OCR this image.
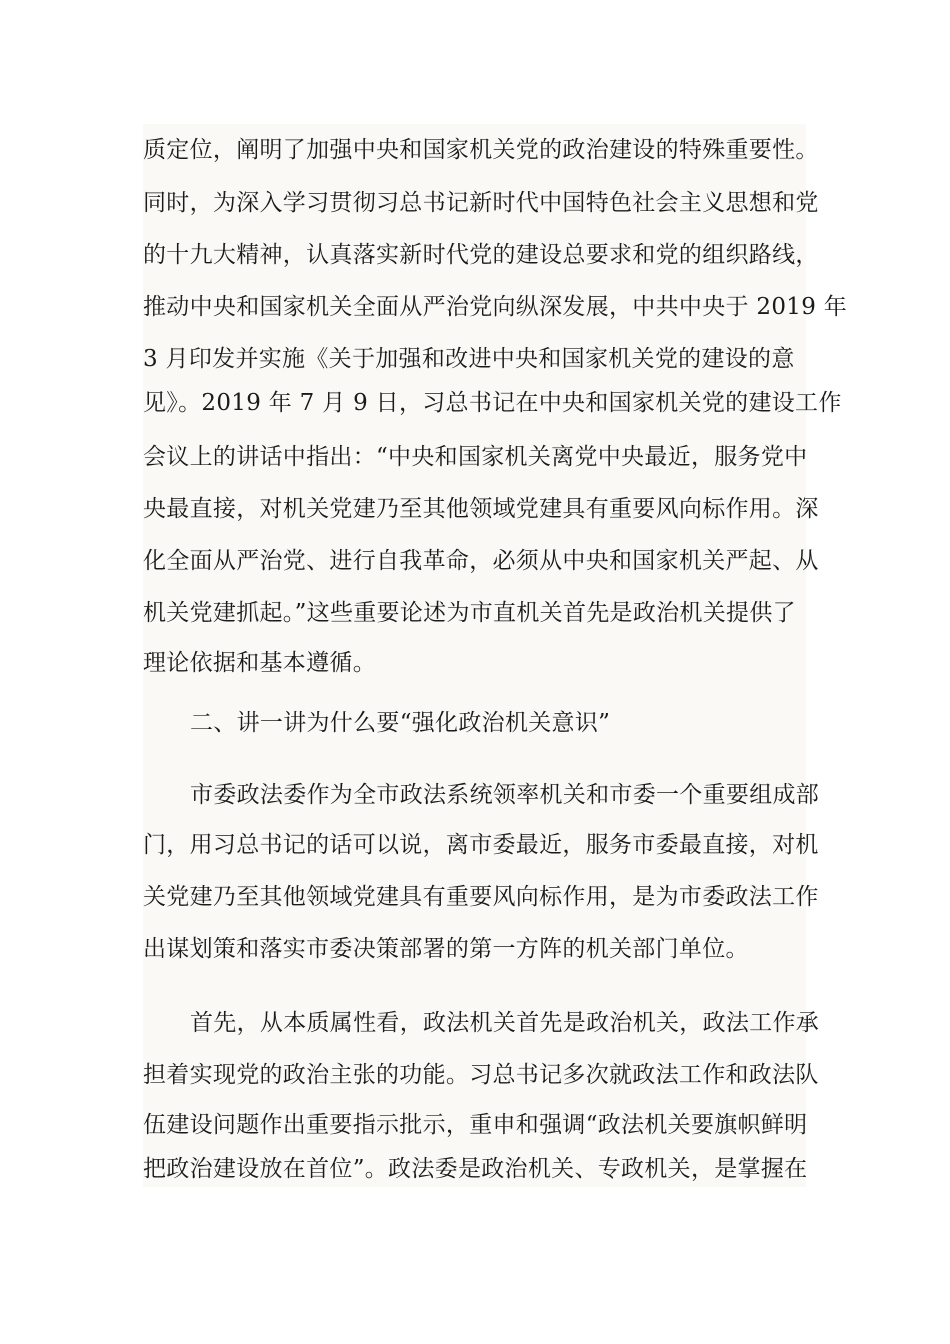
质定位，阐明了加强中央和国家机关党的政治建设的特殊重要性。
同时，为深入学习贯彻习总书记新时代中国特色社会主义思想和党
的十九大精神，认真落实新时代党的建设总要求和党的组织路线，
推动中央和国家机关全面从严治党向纵深发展，中共中央于 2019 年
3 月印发并实施《关于加强和改进中央和国家机关党的建设的意
见》。2019 年 7 月 9 日，习总书记在中央和国家机关党的建设工作
会议上的讲话中指出：“中央和国家机关离党中央最近，服务党中
央最直接，对机关党建乃至其他领域党建具有重要风向标作用。深
化全面从严治党、进行自我革命，必须从中央和国家机关严起、从
机关党建抓起。”这些重要论述为市直机关首先是政治机关提供了
理论依据和基本遵循。
二、讲一讲为什么要“强化政治机关意识”
市委政法委作为全市政法系统领率机关和市委一个重要组成部
门，用习总书记的话可以说，离市委最近，服务市委最直接，对机
关党建乃至其他领域党建具有重要风向标作用，是为市委政法工作
出谋划策和落实市委决策部署的第一方阵的机关部门单位。
首先，从本质属性看，政法机关首先是政治机关，政法工作承
担着实现党的政治主张的功能。习总书记多次就政法工作和政法队
伍建设问题作出重要指示批示，重申和强调“政法机关要旗帜鲜明
把政治建设放在首位”。政法委是政治机关、专政机关，是掌握在
